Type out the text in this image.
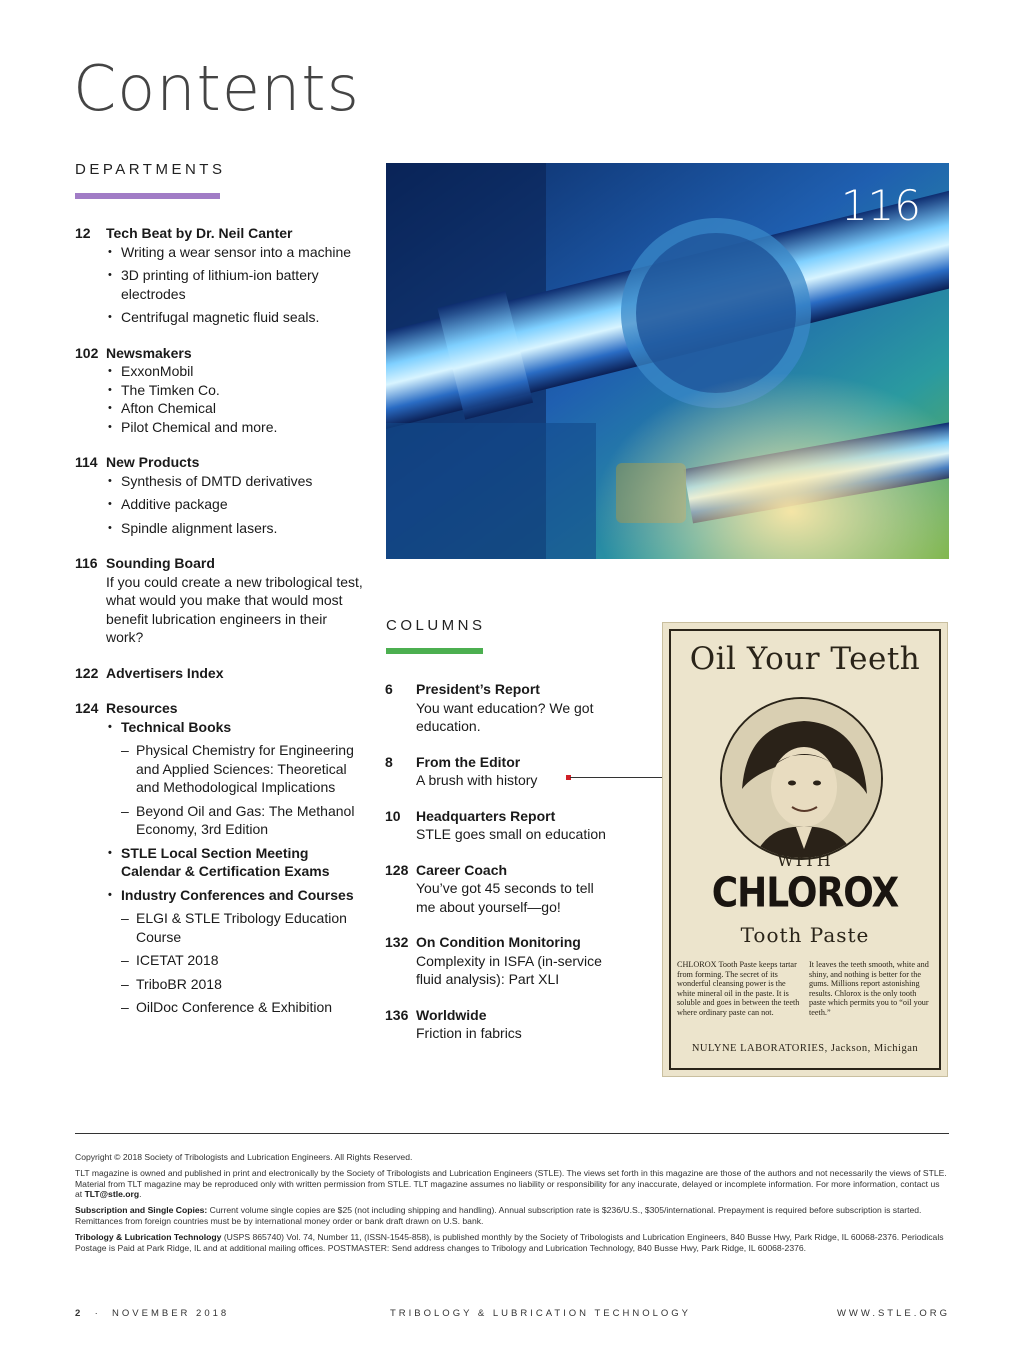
Contents
DEPARTMENTS
12 Tech Beat by Dr. Neil Canter
• Writing a wear sensor into a machine
• 3D printing of lithium-ion battery electrodes
• Centrifugal magnetic fluid seals.
102 Newsmakers
• ExxonMobil
• The Timken Co.
• Afton Chemical
• Pilot Chemical and more.
114 New Products
• Synthesis of DMTD derivatives
• Additive package
• Spindle alignment lasers.
116 Sounding Board
If you could create a new tribological test, what would you make that would most benefit lubrication engineers in their work?
122 Advertisers Index
124 Resources
• Technical Books
– Physical Chemistry for Engineering and Applied Sciences: Theoretical and Methodological Implications
– Beyond Oil and Gas: The Methanol Economy, 3rd Edition
• STLE Local Section Meeting Calendar & Certification Exams
• Industry Conferences and Courses
– ELGI & STLE Tribology Education Course
– ICETAT 2018
– TriboBR 2018
– OilDoc Conference & Exhibition
116
COLUMNS
6 President’s Report
You want education? We got education.
8 From the Editor
A brush with history
10 Headquarters Report
STLE goes small on education
128 Career Coach
You’ve got 45 seconds to tell me about yourself—go!
132 On Condition Monitoring
Complexity in ISFA (in-service fluid analysis): Part XLI
136 Worldwide
Friction in fabrics
Oil Your Teeth
WITH
CHLOROX
Tooth Paste
CHLOROX Tooth Paste keeps tartar from forming. The secret of its wonderful cleansing power is the white mineral oil in the paste. It is soluble and goes in between the teeth where ordinary paste can not.
It leaves the teeth smooth, white and shiny, and nothing is better for the gums. Millions report astonishing results. Chlorox is the only tooth paste which permits you to “oil your teeth.”
NULYNE LABORATORIES, Jackson, Michigan

Copyright © 2018 Society of Tribologists and Lubrication Engineers. All Rights Reserved.

TLT magazine is owned and published in print and electronically by the Society of Tribologists and Lubrication Engineers (STLE). The views set forth in this magazine are those of the authors and not necessarily the views of STLE. Material from TLT magazine may be reproduced only with written permission from STLE. TLT magazine assumes no liability or responsibility for any inaccurate, delayed or incomplete information. For more information, contact us at TLT@stle.org.

Subscription and Single Copies: Current volume single copies are $25 (not including shipping and handling). Annual subscription rate is $236/U.S., $305/international. Prepayment is required before subscription is started. Remittances from foreign countries must be by international money order or bank draft drawn on U.S. bank.

Tribology & Lubrication Technology (USPS 865740) Vol. 74, Number 11, (ISSN-1545-858), is published monthly by the Society of Tribologists and Lubrication Engineers, 840 Busse Hwy, Park Ridge, IL 60068-2376. Periodicals Postage is Paid at Park Ridge, IL and at additional mailing offices. POSTMASTER: Send address changes to Tribology and Lubrication Technology, 840 Busse Hwy, Park Ridge, IL 60068-2376.

2  ·  NOVEMBER 2018	TRIBOLOGY & LUBRICATION TECHNOLOGY	WWW.STLE.ORG
